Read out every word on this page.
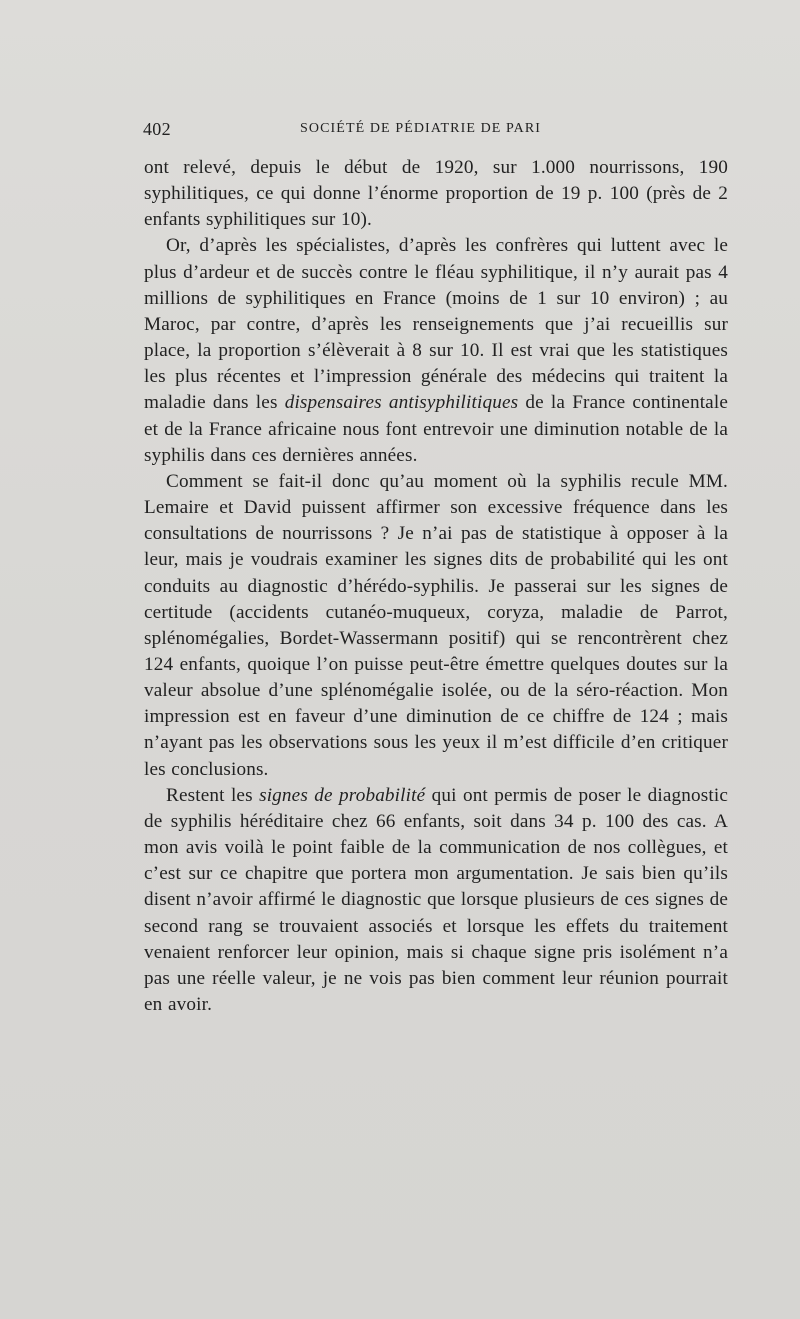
402	SOCIÉTÉ DE PÉDIATRIE DE PARI

ont relevé, depuis le début de 1920, sur 1.000 nourrissons, 190 syphilitiques, ce qui donne l’énorme proportion de 19 p. 100 (près de 2 enfants syphilitiques sur 10).

Or, d’après les spécialistes, d’après les confrères qui luttent avec le plus d’ardeur et de succès contre le fléau syphilitique, il n’y aurait pas 4 millions de syphilitiques en France (moins de 1 sur 10 environ) ; au Maroc, par contre, d’après les renseignements que j’ai recueillis sur place, la proportion s’élèverait à 8 sur 10. Il est vrai que les statistiques les plus récentes et l’impression générale des médecins qui traitent la maladie dans les dispensaires antisyphilitiques de la France continentale et de la France africaine nous font entrevoir une diminution notable de la syphilis dans ces dernières années.

Comment se fait-il donc qu’au moment où la syphilis recule MM. Lemaire et David puissent affirmer son excessive fréquence dans les consultations de nourrissons ? Je n’ai pas de statistique à opposer à la leur, mais je voudrais examiner les signes dits de probabilité qui les ont conduits au diagnostic d’hérédo-syphilis. Je passerai sur les signes de certitude (accidents cutanéo-muqueux, coryza, maladie de Parrot, splénomégalies, Bordet-Wassermann positif) qui se rencontrèrent chez 124 enfants, quoique l’on puisse peut-être émettre quelques doutes sur la valeur absolue d’une splénomégalie isolée, ou de la séro-réaction. Mon impression est en faveur d’une diminution de ce chiffre de 124 ; mais n’ayant pas les observations sous les yeux il m’est difficile d’en critiquer les conclusions.

Restent les signes de probabilité qui ont permis de poser le diagnostic de syphilis héréditaire chez 66 enfants, soit dans 34 p. 100 des cas. A mon avis voilà le point faible de la communication de nos collègues, et c’est sur ce chapitre que portera mon argumentation. Je sais bien qu’ils disent n’avoir affirmé le diagnostic que lorsque plusieurs de ces signes de second rang se trouvaient associés et lorsque les effets du traitement venaient renforcer leur opinion, mais si chaque signe pris isolément n’a pas une réelle valeur, je ne vois pas bien comment leur réunion pourrait en avoir.
